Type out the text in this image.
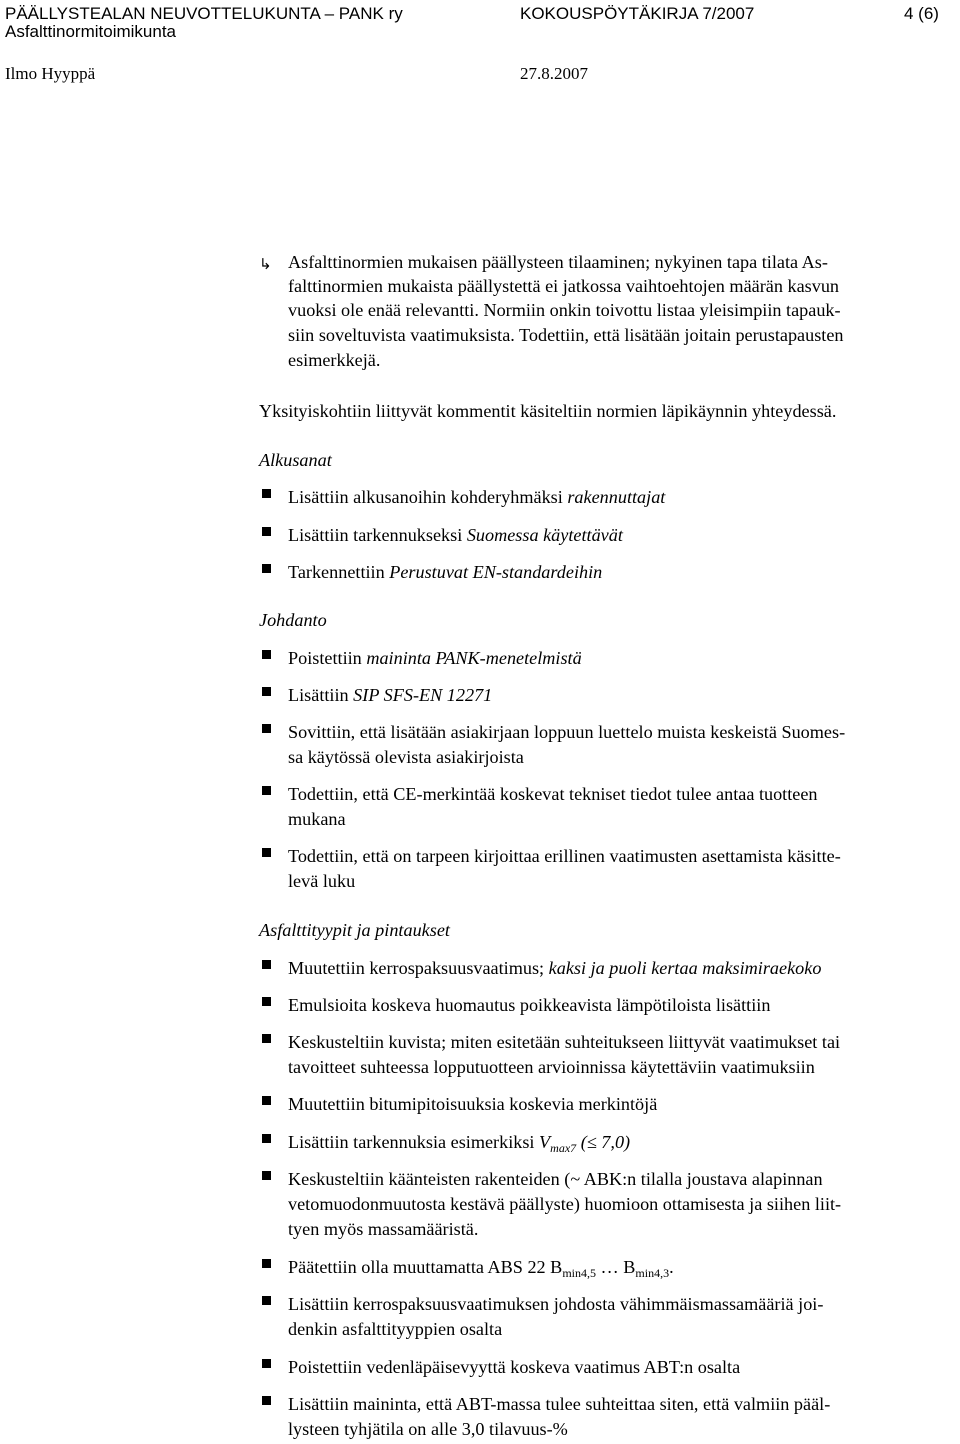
PÄÄLLYSTEALAN NEUVOTTELUKUNTA – PANK ry	KOKOUSPÖYTÄKIRJA 7/2007	4 (6)
Asfalttinormitoimikunta
Ilmo Hyyppä	27.8.2007
↳ Asfalttinormien mukaisen päällysteen tilaaminen; nykyinen tapa tilata As-
falttinormien mukaista päällystettä ei jatkossa vaihtoehtojen määrän kasvun
vuoksi ole enää relevantti. Normiin onkin toivottu listaa yleisimpiin tapauk-
siin soveltuvista vaatimuksista. Todettiin, että lisätään joitain perustapausten
esimerkkejä.
Yksityiskohtiin liittyvät kommentit käsiteltiin normien läpikäynnin yhteydessä.
Alkusanat
Lisättiin alkusanoihin kohderyhmäksi rakennuttajat
Lisättiin tarkennukseksi Suomessa käytettävät
Tarkennettiin Perustuvat EN-standardeihin
Johdanto
Poistettiin maininta PANK-menetelmistä
Lisättiin SIP SFS-EN 12271
Sovittiin, että lisätään asiakirjaan loppuun luettelo muista keskeistä Suomes-
sa käytössä olevista asiakirjoista
Todettiin, että CE-merkintää koskevat tekniset tiedot tulee antaa tuotteen
mukana
Todettiin, että on tarpeen kirjoittaa erillinen vaatimusten asettamista käsitte-
levä luku
Asfalttityypit ja pintaukset
Muutettiin kerrospaksuusvaatimus; kaksi ja puoli kertaa maksimiraekoko
Emulsioita koskeva huomautus poikkeavista lämpötiloista lisättiin
Keskusteltiin kuvista; miten esitetään suhteitukseen liittyvät vaatimukset tai
tavoitteet suhteessa lopputuotteen arvioinnissa käytettäviin vaatimuksiin
Muutettiin bitumipitoisuuksia koskevia merkintöjä
Lisättiin tarkennuksia esimerkiksi $V_{max7}$ (≤ 7,0)
Keskusteltiin käänteisten rakenteiden (~ ABK:n tilalla joustava alapinnan
vetomuodonmuutosta kestävä päällyste) huomioon ottamisesta ja siihen liit-
tyen myös massamääristä.
Päätettiin olla muuttamatta ABS 22 $B_{min4,5}$ … $B_{min4,3}$.
Lisättiin kerrospaksuusvaatimuksen johdosta vähimmäismassamääriä joi-
denkin asfalttityyppien osalta
Poistettiin vedenläpäisevyyttä koskeva vaatimus ABT:n osalta
Lisättiin maininta, että ABT-massa tulee suhteittaa siten, että valmiin pääl-
lysteen tyhjätila on alle 3,0 tilavuus-%
